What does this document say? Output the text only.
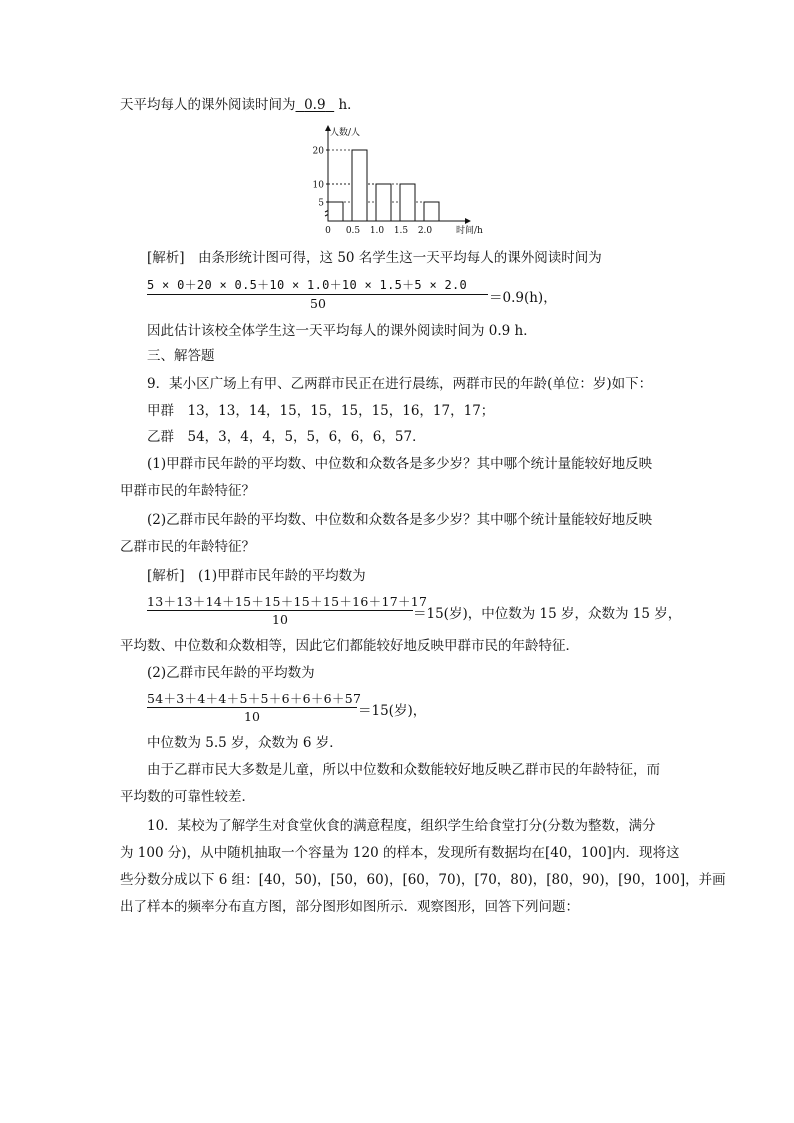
天平均每人的课外阅读时间为 0.9 h．
5
10
20
0 0.5 1.0 1.5 2.0	时间/h
人数/人
[解析]　由条形统计图可得，这 50 名学生这一天平均每人的课外阅读时间为
5 × 0＋20 × 0.5＋10 × 1.0＋10 × 1.5＋5 × 2.0
50	＝0.9(h)，
因此估计该校全体学生这一天平均每人的课外阅读时间为 0.9 h．
三、解答题
9．某小区广场上有甲、乙两群市民正在进行晨练，两群市民的年龄(单位：岁)如下：
甲群　13，13，14，15，15，15，15，16，17，17；
乙群　54，3，4，4，5，5，6，6，6，57．
(1)甲群市民年龄的平均数、中位数和众数各是多少岁？其中哪个统计量能较好地反映
甲群市民的年龄特征？
(2)乙群市民年龄的平均数、中位数和众数各是多少岁？其中哪个统计量能较好地反映
乙群市民的年龄特征？
[解析]　(1)甲群市民年龄的平均数为
13＋13＋14＋15＋15＋15＋15＋16＋17＋17
10	＝15(岁)，中位数为 15 岁，众数为 15 岁，
平均数、中位数和众数相等，因此它们都能较好地反映甲群市民的年龄特征．
(2)乙群市民年龄的平均数为
54＋3＋4＋4＋5＋5＋6＋6＋6＋57
10	＝15(岁)，
中位数为 5.5 岁，众数为 6 岁．
由于乙群市民大多数是儿童，所以中位数和众数能较好地反映乙群市民的年龄特征，而
平均数的可靠性较差．
10．某校为了解学生对食堂伙食的满意程度，组织学生给食堂打分(分数为整数，满分
为 100 分)，从中随机抽取一个容量为 120 的样本，发现所有数据均在[40，100]内．现将这
些分数分成以下 6 组：[40，50)，[50，60)，[60，70)，[70，80)，[80，90)，[90，100]，并画
出了样本的频率分布直方图，部分图形如图所示．观察图形，回答下列问题：
